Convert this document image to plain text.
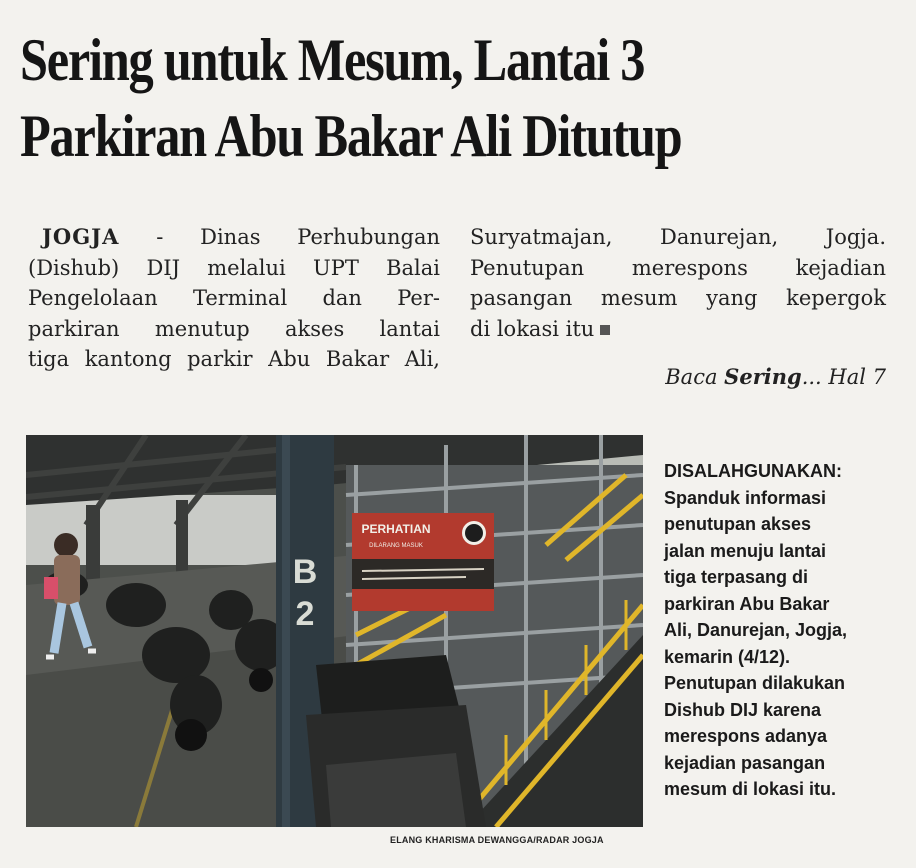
Sering untuk Mesum, Lantai 3
Parkiran Abu Bakar Ali Ditutup
JOGJA - Dinas Perhubungan
(Dishub) DIJ melalui UPT Balai
Pengelolaan Terminal dan Per-
parkiran menutup akses lantai
tiga kantong parkir Abu Bakar Ali,
Suryatmajan, Danurejan, Jogja.
Penutupan merespons kejadian
pasangan mesum yang kepergok
di lokasi itu
Baca Sering... Hal 7
B
2
PERHATIAN
DILARANG MASUK
ELANG KHARISMA DEWANGGA/RADAR JOGJA
DISALAHGUNAKAN:
Spanduk informasi
penutupan akses
jalan menuju lantai
tiga terpasang di
parkiran Abu Bakar
Ali, Danurejan, Jogja,
kemarin (4/12).
Penutupan dilakukan
Dishub DIJ karena
merespons adanya
kejadian pasangan
mesum di lokasi itu.
